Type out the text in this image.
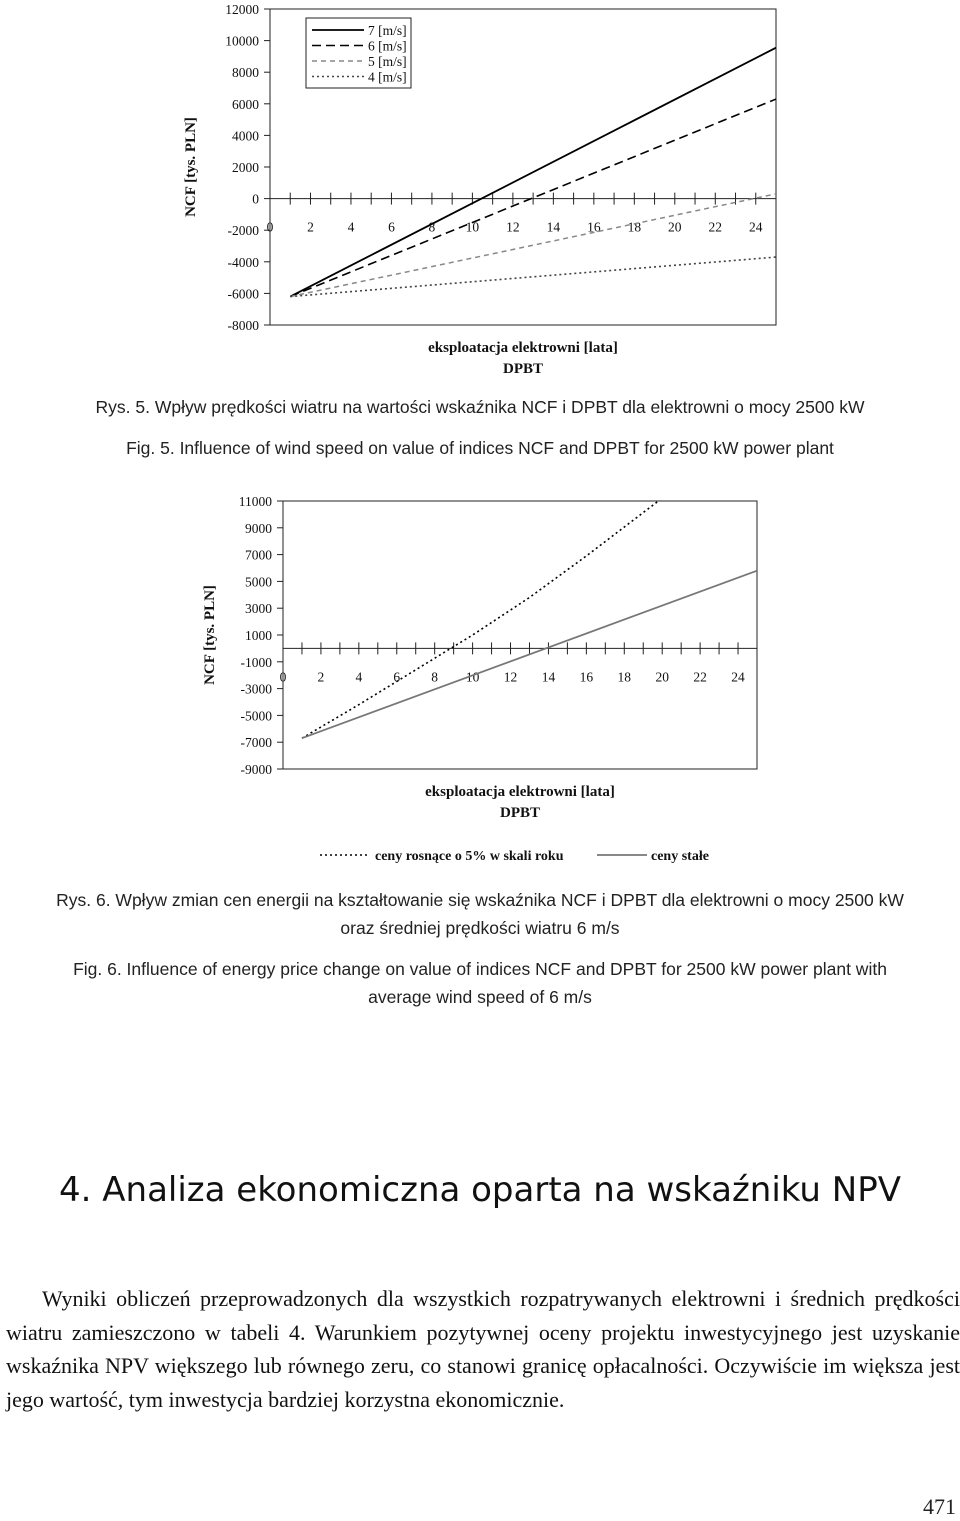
12000
10000
8000
6000
4000
2000
0
-2000
-4000
-6000
-8000
0 2 4 6 8 10 12 14 16 18 20 22 24
NCF [tys. PLN]
eksploatacja elektrowni [lata]
DPBT
7 [m/s]
6 [m/s]
5 [m/s]
4 [m/s]
Rys. 5. Wpływ prędkości wiatru na wartości wskaźnika NCF i DPBT dla elektrowni o mocy 2500 kW
Fig. 5. Influence of wind speed on value of indices NCF and DPBT for 2500 kW power plant
11000
9000
7000
5000
3000
1000
-1000
-3000
-5000
-7000
-9000
0 2 4 6 8 10 12 14 16 18 20 22 24
NCF [tys. PLN]
eksploatacja elektrowni [lata]
DPBT
ceny rosnące o 5% w skali roku	ceny stałe
Rys. 6. Wpływ zmian cen energii na kształtowanie się wskaźnika NCF i DPBT dla elektrowni o mocy 2500 kW
oraz średniej prędkości wiatru 6 m/s
Fig. 6. Influence of energy price change on value of indices NCF and DPBT for 2500 kW power plant with
average wind speed of 6 m/s
4. Analiza ekonomiczna oparta na wskaźniku NPV
Wyniki obliczeń przeprowadzonych dla wszystkich rozpatrywanych elektrowni i średnich prędkości wiatru zamieszczono w tabeli 4. Warunkiem pozytywnej oceny projektu inwestycyjnego jest uzyskanie wskaźnika NPV większego lub równego zeru, co stanowi granicę opłacalności. Oczywiście im większa jest jego wartość, tym inwestycja bardziej korzystna ekonomicznie.
471
